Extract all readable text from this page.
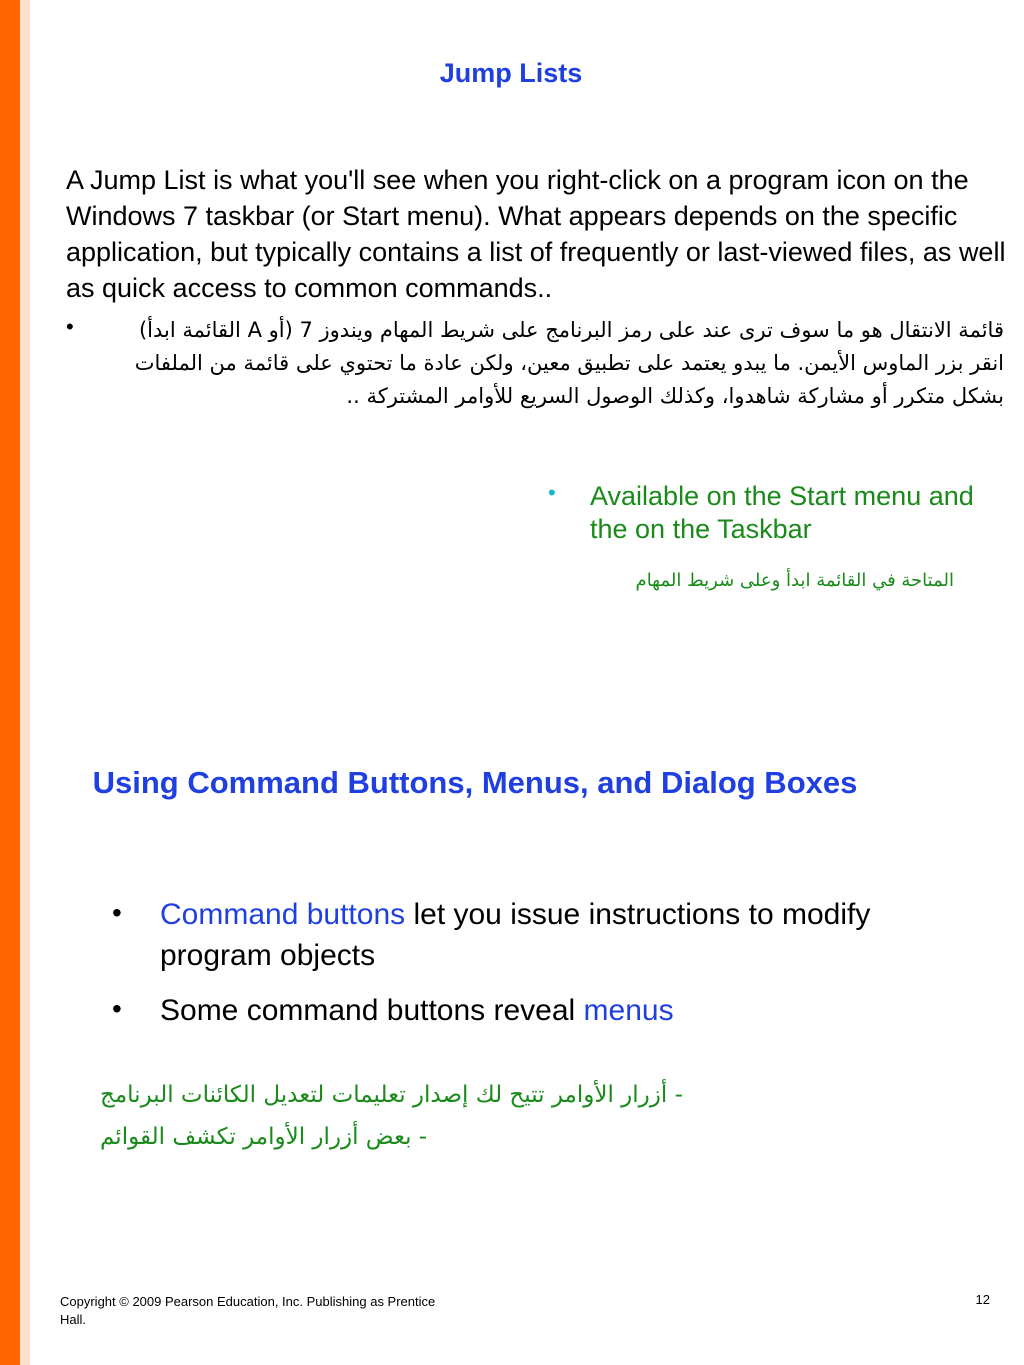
Jump Lists
A Jump List is what you'll see when you right-click on a program icon on the Windows 7 taskbar (or Start menu). What appears depends on the specific application, but typically contains a list of frequently or last-viewed files, as well as quick access to common commands..
•	قائمة الانتقال هو ما سوف ترى عند على رمز البرنامج على شريط المهام ويندوز 7 (أو A القائمة ابدأ) انقر بزر الماوس الأيمن. ما يبدو يعتمد على تطبيق معين، ولكن عادة ما تحتوي على قائمة من الملفات بشكل متكرر أو مشاركة شاهدوا، وكذلك الوصول السريع للأوامر المشتركة ..
• Available on the Start menu and the on the Taskbar
المتاحة في القائمة ابدأ وعلى شريط المهام
Using Command Buttons, Menus, and Dialog Boxes
• Command buttons let you issue instructions to modify program objects
• Some command buttons reveal menus
- أزرار الأوامر تتيح لك إصدار تعليمات لتعديل الكائنات البرنامج
- بعض أزرار الأوامر تكشف القوائم
Copyright © 2009 Pearson Education, Inc. Publishing as Prentice Hall.
12
